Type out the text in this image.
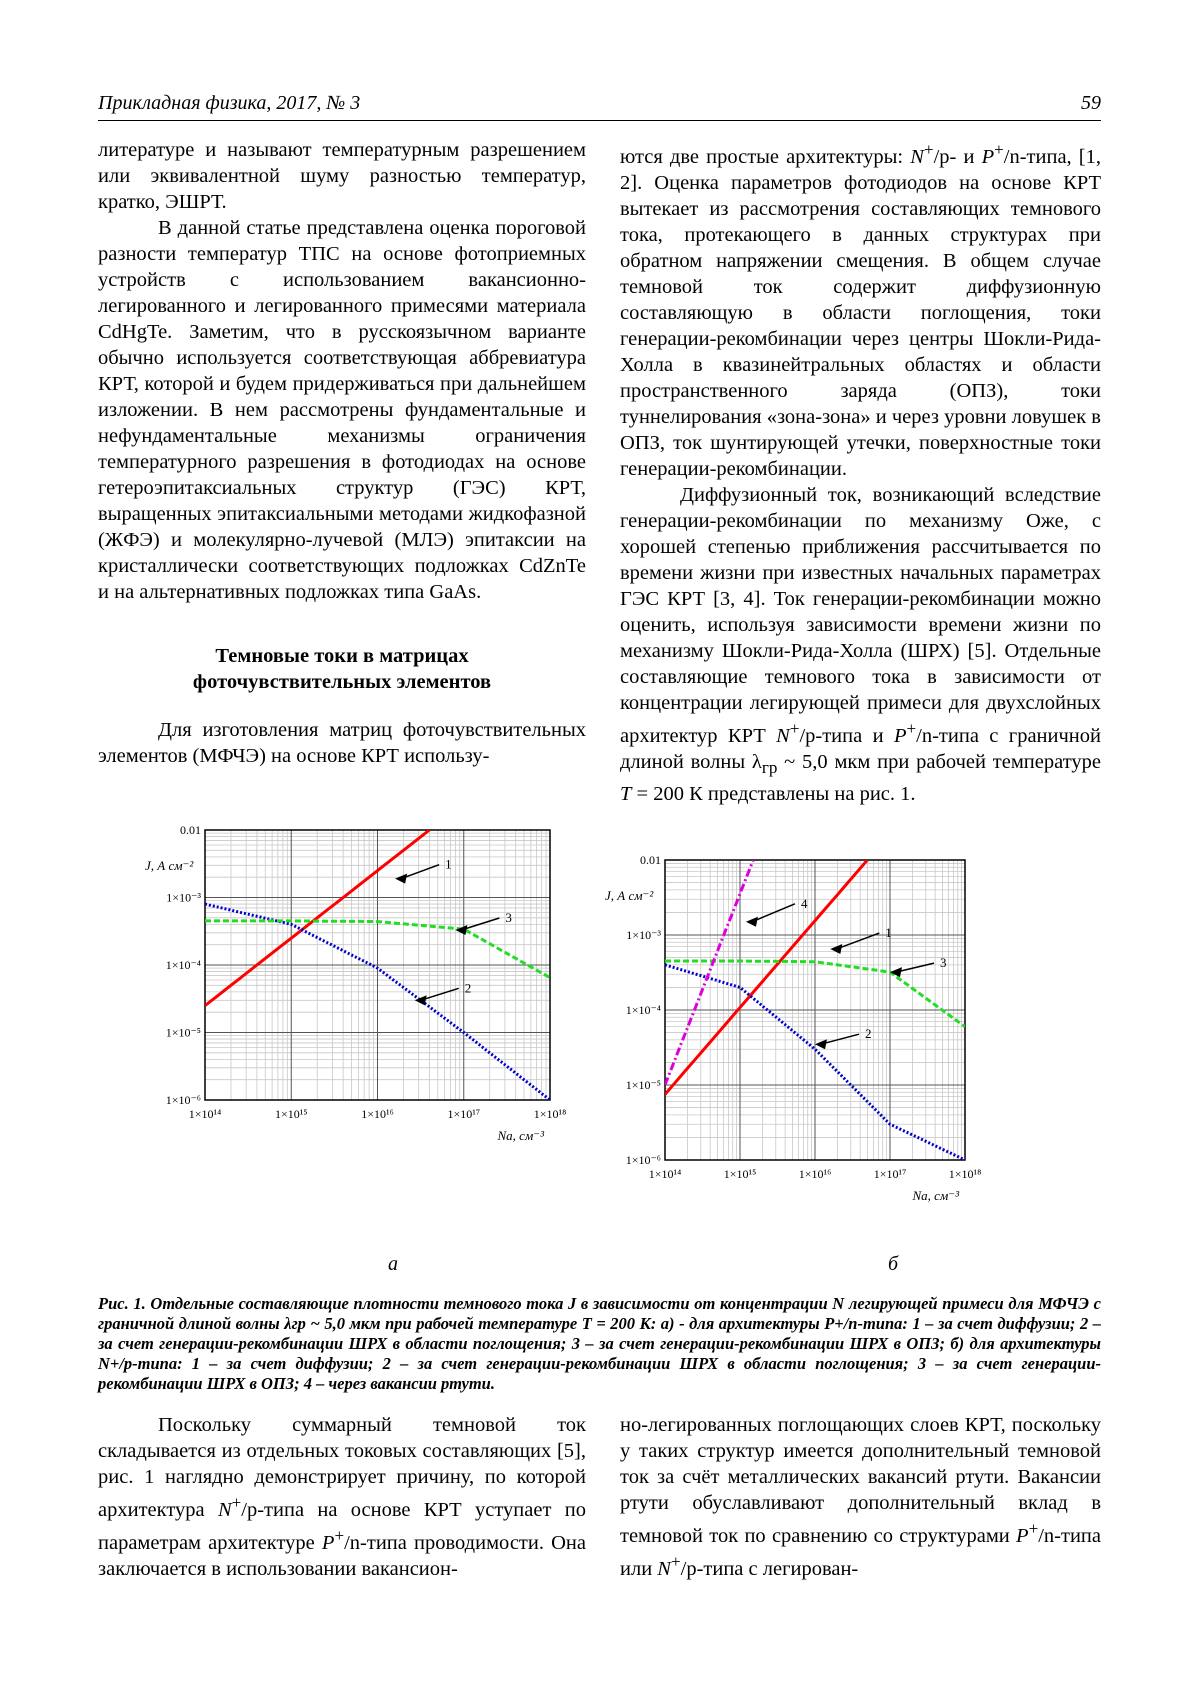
Прикладная физика, 2017, № 3	59

литературе и называют температурным разрешением или эквивалентной шуму разностью температур, кратко, ЭШРТ.

В данной статье представлена оценка пороговой разности температур ТПС на основе фотоприемных устройств с использованием вакансионно-легированного и легированного примесями материала CdHgTe. Заметим, что в русскоязычном варианте обычно используется соответствующая аббревиатура КРТ, которой и будем придерживаться при дальнейшем изложении. В нем рассмотрены фундаментальные и нефундаментальные механизмы ограничения температурного разрешения в фотодиодах на основе гетероэпитаксиальных структур (ГЭС) КРТ, выращенных эпитаксиальными методами жидкофазной (ЖФЭ) и молекулярно-лучевой (МЛЭ) эпитаксии на кристаллически соответствующих подложках CdZnTe и на альтернативных подложках типа GaAs.

Темновые токи в матрицах
фоточувствительных элементов

Для изготовления матриц фоточувствительных элементов (МФЧЭ) на основе КРТ использу-

ются две простые архитектуры: N+/p- и P+/n-типа, [1, 2]. Оценка параметров фотодиодов на основе КРТ вытекает из рассмотрения составляющих темнового тока, протекающего в данных структурах при обратном напряжении смещения. В общем случае темновой ток содержит диффузионную составляющую в области поглощения, токи генерации-рекомбинации через центры Шокли-Рида-Холла в квазинейтральных областях и области пространственного заряда (ОПЗ), токи туннелирования «зона-зона» и через уровни ловушек в ОПЗ, ток шунтирующей утечки, поверхностные токи генерации-рекомбинации.

Диффузионный ток, возникающий вследствие генерации-рекомбинации по механизму Оже, с хорошей степенью приближения рассчитывается по времени жизни при известных начальных параметрах ГЭС КРТ [3, 4]. Ток генерации-рекомбинации можно оценить, используя зависимости времени жизни по механизму Шокли-Рида-Холла (ШРХ) [5]. Отдельные составляющие темнового тока в зависимости от концентрации легирующей примеси для двухслойных архитектур КРТ N+/p-типа и P+/n-типа с граничной длиной волны $\lambda_{гр}$ ~ 5,0 мкм при рабочей температуре T = 200 К представлены на рис. 1.

1×10¹⁴	1×10¹⁵	1×10¹⁶	1×10¹⁷	1×10¹⁸
1×10⁻⁶
1×10⁻⁵
1×10⁻⁴
1×10⁻³
0.01
Na, см⁻³
J, А см⁻²	1
3
2
а
1×10¹⁴	1×10¹⁵	1×10¹⁶	1×10¹⁷	1×10¹⁸
1×10⁻⁶
1×10⁻⁵
1×10⁻⁴
1×10⁻³
0.01
Nа, см⁻³
J, А см⁻²
4
1
3
2
б
Рис. 1. Отдельные составляющие плотности темнового тока J в зависимости от концентрации N легирующей примеси для МФЧЭ с граничной длиной волны λгр ~ 5,0 мкм при рабочей температуре T = 200 К: а) - для архитектуры P+/n-типа: 1 – за счет диффузии; 2 – за счет генерации-рекомбинации ШРХ в области поглощения; 3 – за счет генерации-рекомбинации ШРХ в ОПЗ; б) для архитектуры N+/p-типа: 1 – за счет диффузии; 2 – за счет генерации-рекомбинации ШРХ в области поглощения; 3 – за счет генерации-рекомбинации ШРХ в ОПЗ; 4 – через вакансии ртути.

Поскольку суммарный темновой ток складывается из отдельных токовых составляющих [5], рис. 1 наглядно демонстрирует причину, по которой архитектура N+/p-типа на основе КРТ уступает по параметрам архитектуре P+/n-типа проводимости. Она заключается в использовании вакансион-

но-легированных поглощающих слоев КРТ, поскольку у таких структур имеется дополнительный темновой ток за счёт металлических вакансий ртути. Вакансии ртути обуславливают дополнительный вклад в темновой ток по сравнению со структурами P+/n-типа или N+/p-типа с легирован-
